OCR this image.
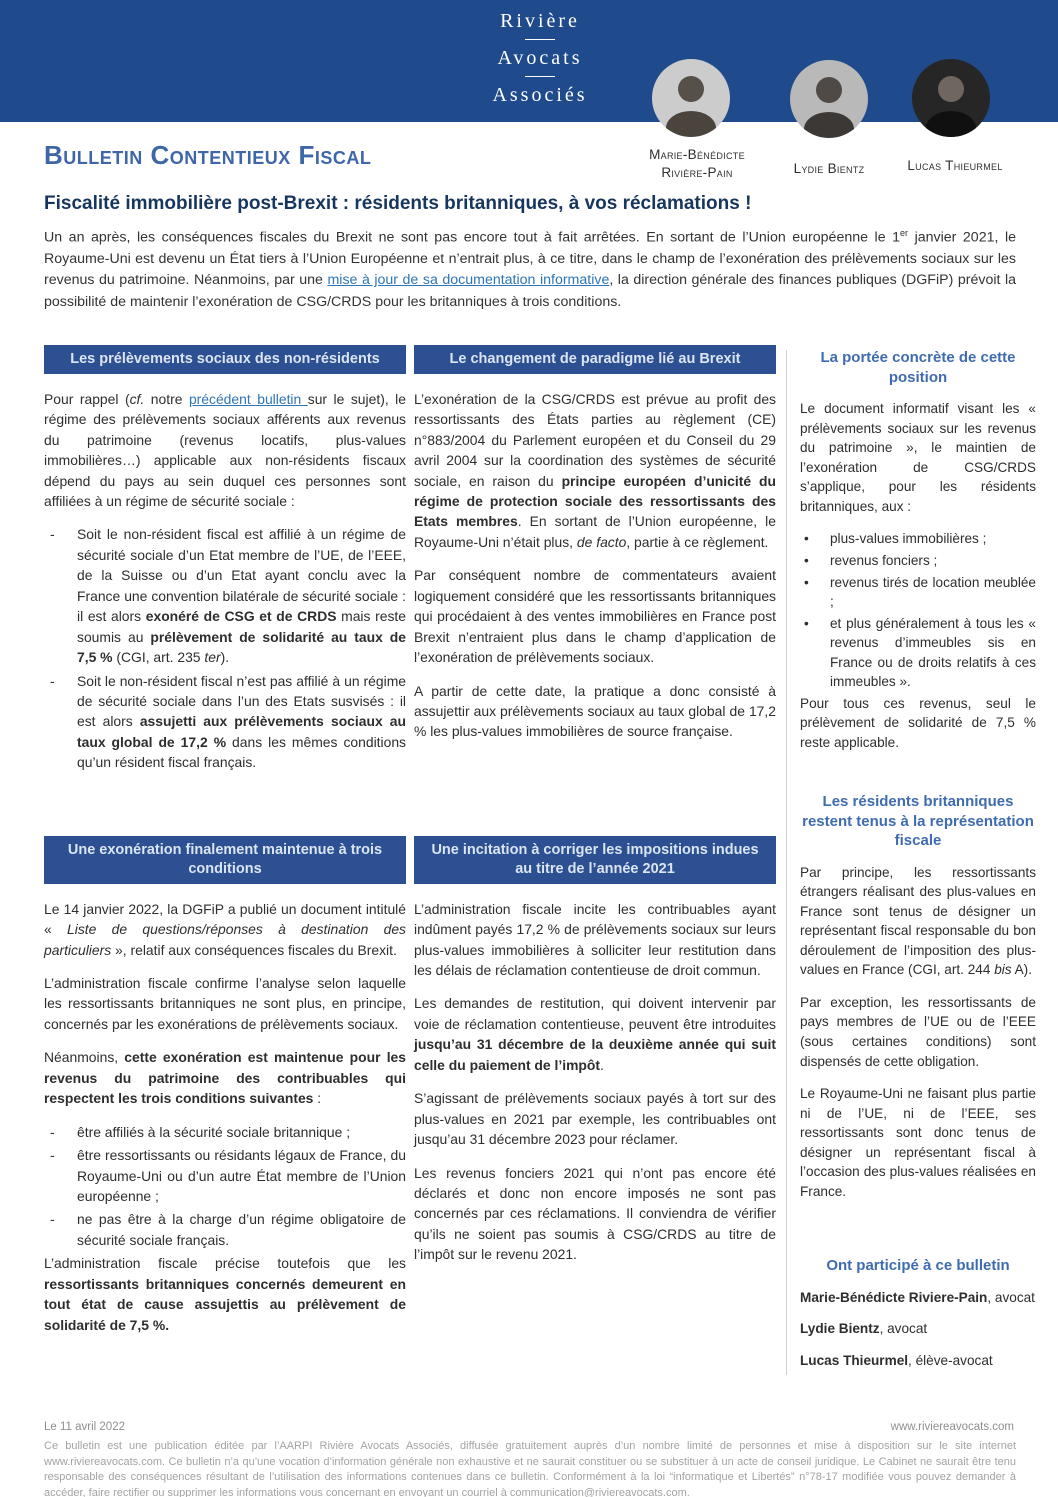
Rivière
Avocats
Associés
Marie-Bénédicte
Rivière-Pain	Lydie Bientz	Lucas Thieurmel
Bulletin Contentieux Fiscal
Fiscalité immobilière post-Brexit : résidents britanniques, à vos réclamations !
Un an après, les conséquences fiscales du Brexit ne sont pas encore tout à fait arrêtées. En sortant de l’Union européenne le 1er janvier 2021, le Royaume-Uni est devenu un État tiers à l’Union Européenne et n’entrait plus, à ce titre, dans le champ de l’exonération des prélèvements sociaux sur les revenus du patrimoine. Néanmoins, par une mise à jour de sa documentation informative, la direction générale des finances publiques (DGFiP) prévoit la possibilité de maintenir l’exonération de CSG/CRDS pour les britanniques à trois conditions.
Les prélèvements sociaux des non-résidents
Pour rappel (cf. notre précédent bulletin sur le sujet), le régime des prélèvements sociaux afférents aux revenus du patrimoine (revenus locatifs, plus-values immobilières…) applicable aux non-résidents fiscaux dépend du pays au sein duquel ces personnes sont affiliées à un régime de sécurité sociale :
- Soit le non-résident fiscal est affilié à un régime de sécurité sociale d’un Etat membre de l’UE, de l’EEE, de la Suisse ou d’un Etat ayant conclu avec la France une convention bilatérale de sécurité sociale : il est alors exonéré de CSG et de CRDS mais reste soumis au prélèvement de solidarité au taux de 7,5 % (CGI, art. 235 ter).
- Soit le non-résident fiscal n’est pas affilié à un régime de sécurité sociale dans l’un des Etats susvisés : il est alors assujetti aux prélèvements sociaux au taux global de 17,2 % dans les mêmes conditions qu’un résident fiscal français.
Le changement de paradigme lié au Brexit
L’exonération de la CSG/CRDS est prévue au profit des ressortissants des États parties au règlement (CE) n°883/2004 du Parlement européen et du Conseil du 29 avril 2004 sur la coordination des systèmes de sécurité sociale, en raison du principe européen d’unicité du régime de protection sociale des ressortissants des Etats membres. En sortant de l’Union européenne, le Royaume-Uni n’était plus, de facto, partie à ce règlement.
Par conséquent nombre de commentateurs avaient logiquement considéré que les ressortissants britanniques qui procédaient à des ventes immobilières en France post Brexit n’entraient plus dans le champ d’application de l’exonération de prélèvements sociaux.
A partir de cette date, la pratique a donc consisté à assujettir aux prélèvements sociaux au taux global de 17,2 % les plus-values immobilières de source française.
Une exonération finalement maintenue à trois conditions
Le 14 janvier 2022, la DGFiP a publié un document intitulé « Liste de questions/réponses à destination des particuliers », relatif aux conséquences fiscales du Brexit.
L’administration fiscale confirme l’analyse selon laquelle les ressortissants britanniques ne sont plus, en principe, concernés par les exonérations de prélèvements sociaux.
Néanmoins, cette exonération est maintenue pour les revenus du patrimoine des contribuables qui respectent les trois conditions suivantes :
- être affiliés à la sécurité sociale britannique ;
- être ressortissants ou résidants légaux de France, du Royaume-Uni ou d’un autre État membre de l’Union européenne ;
- ne pas être à la charge d’un régime obligatoire de sécurité sociale français.
L’administration fiscale précise toutefois que les ressortissants britanniques concernés demeurent en tout état de cause assujettis au prélèvement de solidarité de 7,5 %.
Une incitation à corriger les impositions indues au titre de l’année 2021
L’administration fiscale incite les contribuables ayant indûment payés 17,2 % de prélèvements sociaux sur leurs plus-values immobilières à solliciter leur restitution dans les délais de réclamation contentieuse de droit commun.
Les demandes de restitution, qui doivent intervenir par voie de réclamation contentieuse, peuvent être introduites jusqu’au 31 décembre de la deuxième année qui suit celle du paiement de l’impôt.
S’agissant de prélèvements sociaux payés à tort sur des plus-values en 2021 par exemple, les contribuables ont jusqu’au 31 décembre 2023 pour réclamer.
Les revenus fonciers 2021 qui n’ont pas encore été déclarés et donc non encore imposés ne sont pas concernés par ces réclamations. Il conviendra de vérifier qu’ils ne soient pas soumis à CSG/CRDS au titre de l’impôt sur le revenu 2021.
La portée concrète de cette position
Le document informatif visant les « prélèvements sociaux sur les revenus du patrimoine », le maintien de l’exonération de CSG/CRDS s’applique, pour les résidents britanniques, aux :
• plus-values immobilières ;
• revenus fonciers ;
• revenus tirés de location meublée ;
• et plus généralement à tous les « revenus d’immeubles sis en France ou de droits relatifs à ces immeubles ».
Pour tous ces revenus, seul le prélèvement de solidarité de 7,5 % reste applicable.
Les résidents britanniques restent tenus à la représentation fiscale
Par principe, les ressortissants étrangers réalisant des plus-values en France sont tenus de désigner un représentant fiscal responsable du bon déroulement de l’imposition des plus-values en France (CGI, art. 244 bis A).
Par exception, les ressortissants de pays membres de l’UE ou de l’EEE (sous certaines conditions) sont dispensés de cette obligation.
Le Royaume-Uni ne faisant plus partie ni de l’UE, ni de l’EEE, ses ressortissants sont donc tenus de désigner un représentant fiscal à l’occasion des plus-values réalisées en France.
Ont participé à ce bulletin
Marie-Bénédicte Riviere-Pain, avocat
Lydie Bientz, avocat
Lucas Thieurmel, élève-avocat
Le 11 avril 2022	www.riviereavocats.com
Ce bulletin est une publication éditée par l’AARPI Rivière Avocats Associés, diffusée gratuitement auprès d’un nombre limité de personnes et mise à disposition sur le site internet www.riviereavocats.com. Ce bulletin n’a qu’une vocation d’information générale non exhaustive et ne saurait constituer ou se substituer à un acte de conseil juridique. Le Cabinet ne saurait être tenu responsable des conséquences résultant de l’utilisation des informations contenues dans ce bulletin. Conformément à la loi “informatique et Libertés” n°78-17 modifiée vous pouvez demander à accéder, faire rectifier ou supprimer les informations vous concernant en envoyant un courriel à communication@riviereavocats.com.
